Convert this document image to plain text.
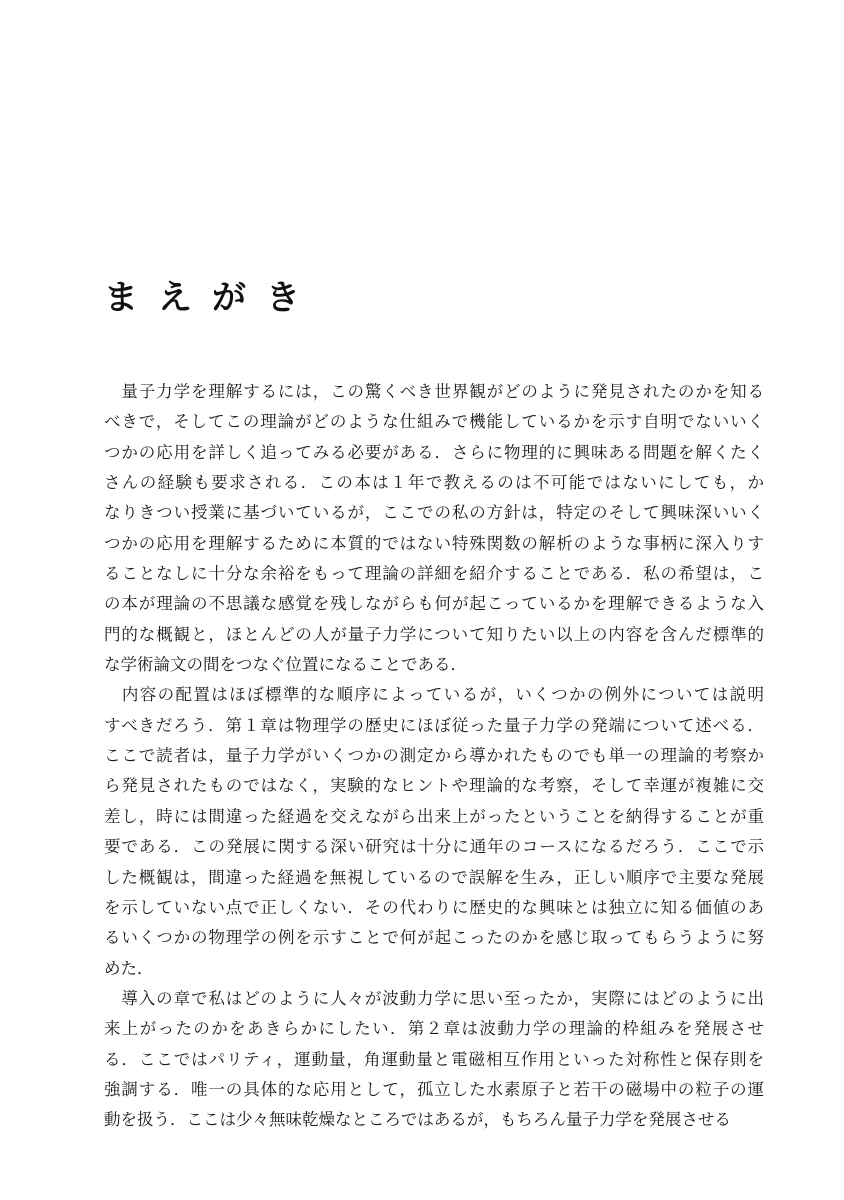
まえがき
　量子力学を理解するには，この驚くべき世界観がどのように発見されたのかを知る
べきで，そしてこの理論がどのような仕組みで機能しているかを示す自明でないいく
つかの応用を詳しく追ってみる必要がある．さらに物理的に興味ある問題を解くたく
さんの経験も要求される．この本は１年で教えるのは不可能ではないにしても，か
なりきつい授業に基づいているが，ここでの私の方針は，特定のそして興味深いいく
つかの応用を理解するために本質的ではない特殊関数の解析のような事柄に深入りす
ることなしに十分な余裕をもって理論の詳細を紹介することである．私の希望は，こ
の本が理論の不思議な感覚を残しながらも何が起こっているかを理解できるような入
門的な概観と，ほとんどの人が量子力学について知りたい以上の内容を含んだ標準的
な学術論文の間をつなぐ位置になることである．
　内容の配置はほぼ標準的な順序によっているが，いくつかの例外については説明
すべきだろう．第１章は物理学の歴史にほぼ従った量子力学の発端について述べる．
ここで読者は，量子力学がいくつかの測定から導かれたものでも単一の理論的考察か
ら発見されたものではなく，実験的なヒントや理論的な考察，そして幸運が複雑に交
差し，時には間違った経過を交えながら出来上がったということを納得することが重
要である．この発展に関する深い研究は十分に通年のコースになるだろう．ここで示
した概観は，間違った経過を無視しているので誤解を生み，正しい順序で主要な発展
を示していない点で正しくない．その代わりに歴史的な興味とは独立に知る価値のあ
るいくつかの物理学の例を示すことで何が起こったのかを感じ取ってもらうように努
めた．
　導入の章で私はどのように人々が波動力学に思い至ったか，実際にはどのように出
来上がったのかをあきらかにしたい．第２章は波動力学の理論的枠組みを発展させ
る．ここではパリティ，運動量，角運動量と電磁相互作用といった対称性と保存則を
強調する．唯一の具体的な応用として，孤立した水素原子と若干の磁場中の粒子の運
動を扱う．ここは少々無味乾燥なところではあるが，もちろん量子力学を発展させる
